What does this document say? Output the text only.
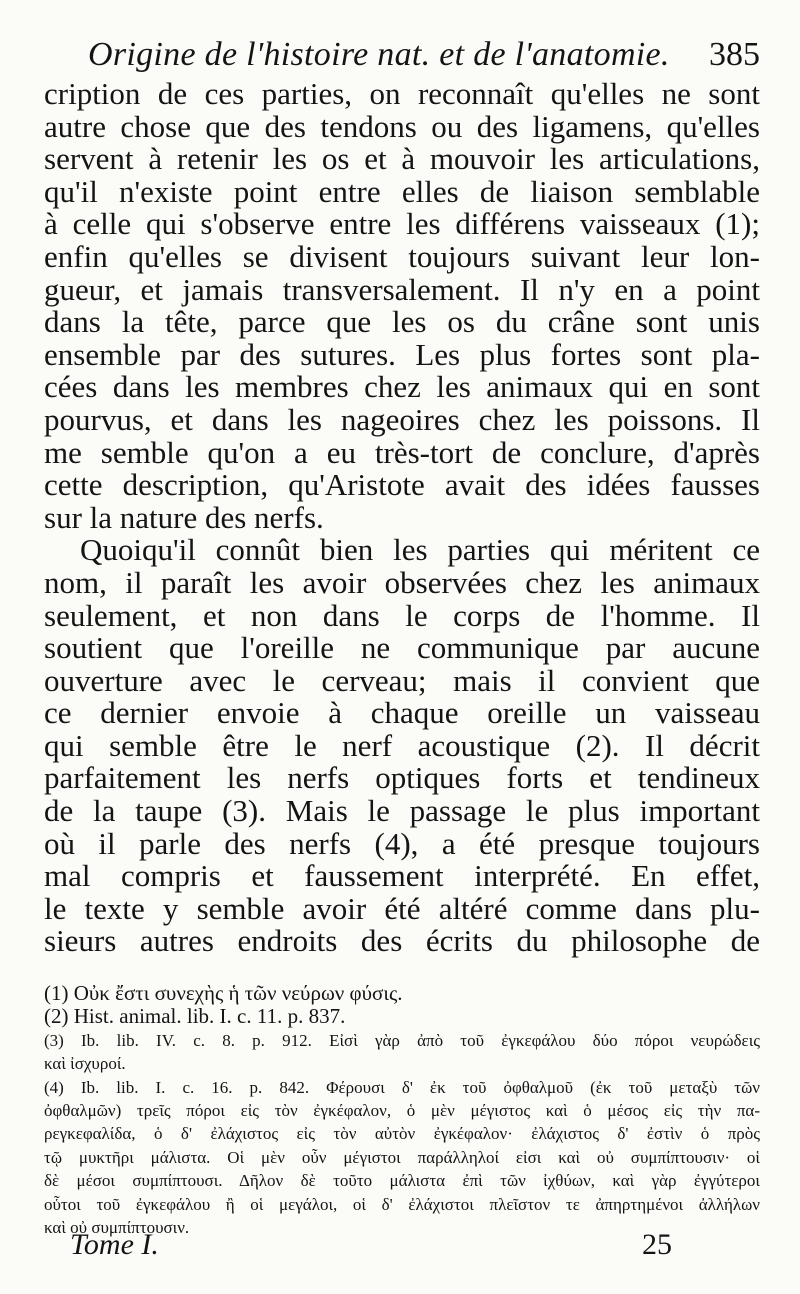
Origine de l'histoire nat. et de l'anatomie. 385
cription de ces parties, on reconnaît qu'elles ne sont
autre chose que des tendons ou des ligamens, qu'elles
servent à retenir les os et à mouvoir les articulations,
qu'il n'existe point entre elles de liaison semblable
à celle qui s'observe entre les différens vaisseaux (1);
enfin qu'elles se divisent toujours suivant leur lon-
gueur, et jamais transversalement. Il n'y en a point
dans la tête, parce que les os du crâne sont unis
ensemble par des sutures. Les plus fortes sont pla-
cées dans les membres chez les animaux qui en sont
pourvus, et dans les nageoires chez les poissons. Il
me semble qu'on a eu très-tort de conclure, d'après
cette description, qu'Aristote avait des idées fausses
sur la nature des nerfs.
Quoiqu'il connût bien les parties qui méritent ce
nom, il paraît les avoir observées chez les animaux
seulement, et non dans le corps de l'homme. Il
soutient que l'oreille ne communique par aucune
ouverture avec le cerveau; mais il convient que
ce dernier envoie à chaque oreille un vaisseau
qui semble être le nerf acoustique (2). Il décrit
parfaitement les nerfs optiques forts et tendineux
de la taupe (3). Mais le passage le plus important
où il parle des nerfs (4), a été presque toujours
mal compris et faussement interprété. En effet,
le texte y semble avoir été altéré comme dans plu-
sieurs autres endroits des écrits du philosophe de
(1) Οὐκ ἔστι συνεχὴς ἡ τῶν νεύρων φύσις.
(2) Hist. animal. lib. I. c. 11. p. 837.
(3) Ib. lib. IV. c. 8. p. 912. Εἰσὶ γὰρ ἀπὸ τοῦ ἐγκεφάλου δύο πόροι νευρώδεις
καὶ ἰσχυροί.
(4) Ib. lib. I. c. 16. p. 842. Φέρουσι δ' ἐκ τοῦ ὀφθαλμοῦ (ἐκ τοῦ μεταξὺ τῶν
ὀφθαλμῶν) τρεῖς πόροι εἰς τὸν ἐγκέφαλον, ὁ μὲν μέγιστος καὶ ὁ μέσος εἰς τὴν πα-
ρεγκεφαλίδα, ὁ δ' ἐλάχιστος εἰς τὸν αὐτὸν ἐγκέφαλον· ἐλάχιστος δ' ἐστὶν ὁ πρὸς
τῷ μυκτῆρι μάλιστα. Οἱ μὲν οὖν μέγιστοι παράλληλοί εἰσι καὶ οὐ συμπίπτουσιν· οἱ
δὲ μέσοι συμπίπτουσι. Δῆλον δὲ τοῦτο μάλιστα ἐπὶ τῶν ἰχθύων, καὶ γὰρ ἐγγύτεροι
οὗτοι τοῦ ἐγκεφάλου ἢ οἱ μεγάλοι, οἱ δ' ἐλάχιστοι πλεῖστον τε ἀπηρτημένοι ἀλλήλων
καὶ οὐ συμπίπτουσιν.
Tome I.	25
